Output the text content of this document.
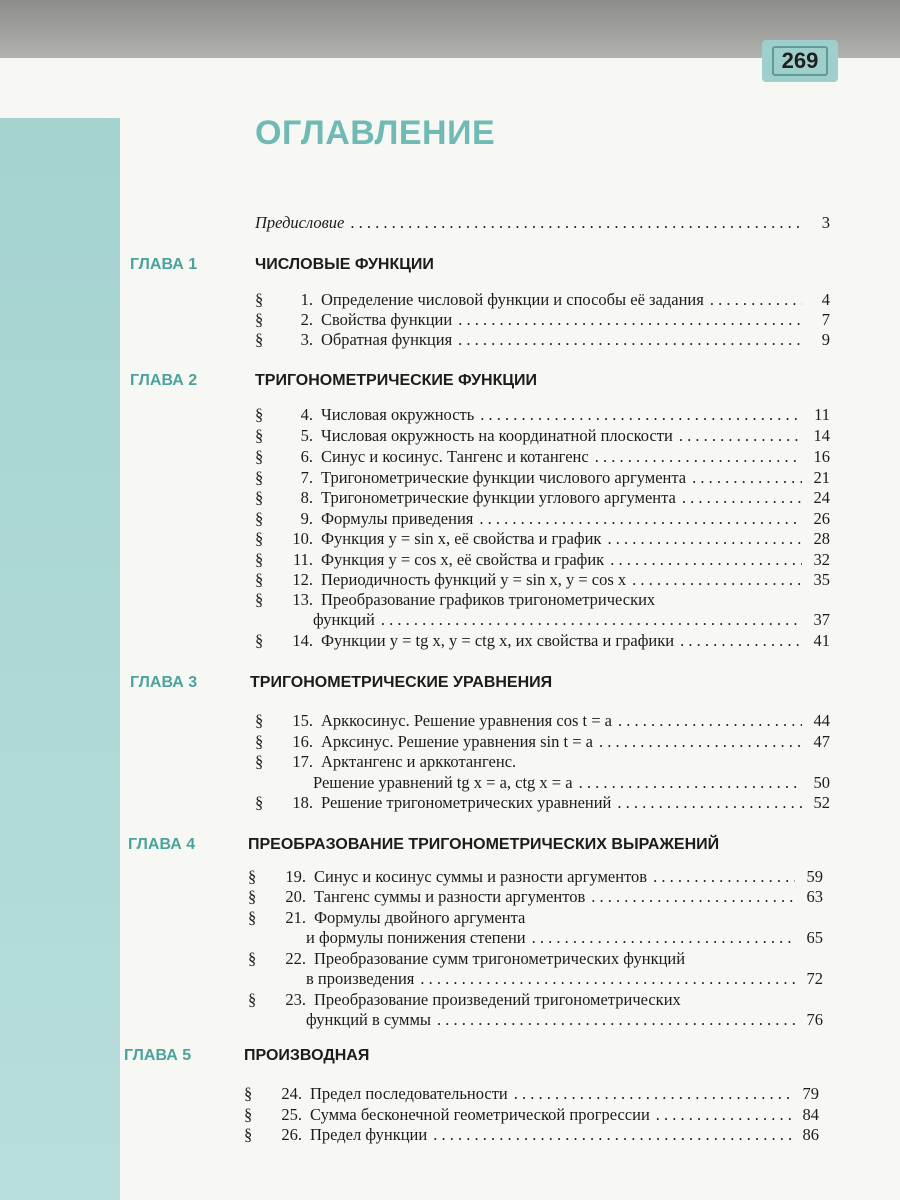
269
ОГЛАВЛЕНИЕ
Предисловие . . .	3
ГЛАВА 1	ЧИСЛОВЫЕ ФУНКЦИИ
§	1. Определение числовой функции и способы её задания . . .	4
§	2. Свойства функции . . .	7
§	3. Обратная функция . . .	9
ГЛАВА 2	ТРИГОНОМЕТРИЧЕСКИЕ ФУНКЦИИ
§	4. Числовая окружность . . .	11
§	5. Числовая окружность на координатной плоскости . . .	14
§	6. Синус и косинус. Тангенс и котангенс . . .	16
§	7. Тригонометрические функции числового аргумента . . .	21
§	8. Тригонометрические функции углового аргумента . . .	24
§	9. Формулы приведения . . .	26
§	10. Функция y = sin x, её свойства и график . . .	28
§	11. Функция y = cos x, её свойства и график . . .	32
§	12. Периодичность функций y = sin x, y = cos x . . .	35
§	13. Преобразование графиков тригонометрических
функций . . .	37
§	14. Функции y = tg x, y = ctg x, их свойства и графики . . .	41
ГЛАВА 3	ТРИГОНОМЕТРИЧЕСКИЕ УРАВНЕНИЯ
§	15. Арккосинус. Решение уравнения cos t = a . . .	44
§	16. Арксинус. Решение уравнения sin t = a . . .	47
§	17. Арктангенс и арккотангенс.
Решение уравнений tg x = a, ctg x = a . . .	50
§	18. Решение тригонометрических уравнений . . .	52
ГЛАВА 4	ПРЕОБРАЗОВАНИЕ ТРИГОНОМЕТРИЧЕСКИХ ВЫРАЖЕНИЙ
§	19. Синус и косинус суммы и разности аргументов . . .	59
§	20. Тангенс суммы и разности аргументов . . .	63
§	21. Формулы двойного аргумента
и формулы понижения степени . . .	65
§	22. Преобразование сумм тригонометрических функций
в произведения . . .	72
§	23. Преобразование произведений тригонометрических
функций в суммы . . .	76
ГЛАВА 5	ПРОИЗВОДНАЯ
§	24. Предел последовательности . . .	79
§	25. Сумма бесконечной геометрической прогрессии . . .	84
§	26. Предел функции . . .	86
